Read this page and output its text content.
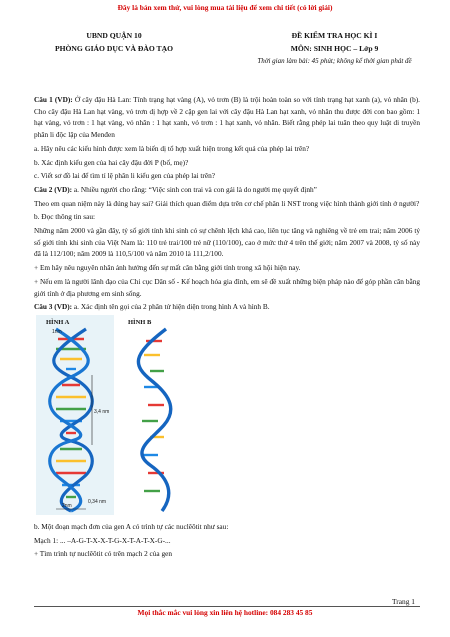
Đây là bản xem thử, vui lòng mua tài liệu để xem chi tiết (có lời giải)
UBND QUẬN 10
PHÒNG GIÁO DỤC VÀ ĐÀO TẠO
ĐỀ KIỂM TRA HỌC KÌ I
MÔN: SINH HỌC – Lớp 9
Thời gian làm bài: 45 phút; không kể thời gian phát đề

Câu 1 (VD): Ở cây đậu Hà Lan: Tính trạng hạt vàng (A), vỏ trơn (B) là trội hoàn toàn so với tính trạng hạt xanh (a), vỏ nhăn (b). Cho cây đậu Hà Lan hạt vàng, vỏ trơn dị hợp về 2 cặp gen lai với cây đậu Hà Lan hạt xanh, vỏ nhăn thu được đời con bao gồm: 1 hạt vàng, vỏ trơn : 1 hạt vàng, vỏ nhăn : 1 hạt xanh, vỏ trơn : 1 hạt xanh, vỏ nhăn. Biết rằng phép lai tuân theo quy luật di truyền phân li độc lập của Menđen

a. Hãy nêu các kiểu hình được xem là biến dị tổ hợp xuất hiện trong kết quả của phép lai trên?

b. Xác định kiểu gen của hai cây đậu đời P (bố, mẹ)?

c. Viết sơ đồ lai để tìm tỉ lệ phân li kiểu gen của phép lai trên?

Câu 2 (VD): a. Nhiều người cho rằng: “Việc sinh con trai và con gái là do người mẹ quyết định”

Theo em quan niệm này là đúng hay sai? Giải thích quan điểm dựa trên cơ chế phân li NST trong việc hình thành giới tính ở người?

b. Đọc thông tin sau:

Những năm 2000 và gần đây, tỷ số giới tính khi sinh có sự chênh lệch khá cao, liên tục tăng và nghiêng về trẻ em trai; năm 2006 tỷ số giới tính khi sinh của Việt Nam là: 110 trẻ trai/100 trẻ nữ (110/100), cao ở mức thứ 4 trên thế giới; năm 2007 và 2008, tỷ số này đã là 112/100; năm 2009 là 110,5/100 và năm 2010 là 111,2/100.

+ Em hãy nêu nguyên nhân ảnh hưởng đến sự mất cân bằng giới tính trong xã hội hiện nay.

+ Nếu em là người lãnh đạo của Chi cục Dân số - Kế hoạch hóa gia đình, em sẽ đề xuất những biện pháp nào để góp phần cân bằng giới tính ở địa phương em sinh sống.

Câu 3 (VD): a. Xác định tên gọi của 2 phân tử hiện diện trong hình A và hình B.

HÌNH A
1nm
3,4 nm
2nm
0,34 nm
HÌNH B

b. Một đoạn mạch đơn của gen A có trình tự các nuclêôtit như sau:

Mạch 1: ... –A-G-T-X-X-T-G-X-T-A-T-X-G-...

+ Tìm trình tự nuclêôtit có trên mạch 2 của gen

Trang 1
Mọi thắc mắc vui lòng xin liên hệ hotline: 084 283 45 85
